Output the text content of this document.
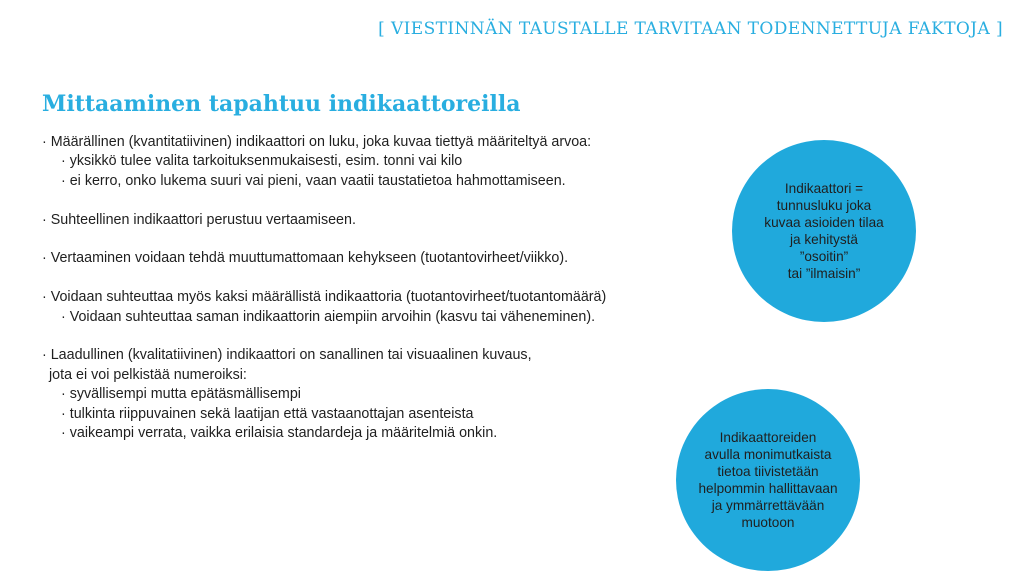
[ VIESTINNÄN TAUSTALLE TARVITAAN TODENNETTUJA FAKTOJA ]
Mittaaminen tapahtuu indikaattoreilla
· Määrällinen (kvantitatiivinen) indikaattori on luku, joka kuvaa tiettyä määriteltyä arvoa:
· yksikkö tulee valita tarkoituksenmukaisesti, esim. tonni vai kilo
· ei kerro, onko lukema suuri vai pieni, vaan vaatii taustatietoa hahmottamiseen.
· Suhteellinen indikaattori perustuu vertaamiseen.
· Vertaaminen voidaan tehdä muuttumattomaan kehykseen (tuotantovirheet/viikko).
· Voidaan suhteuttaa myös kaksi määrällistä indikaattoria (tuotantovirheet/tuotantomäärä)
· Voidaan suhteuttaa saman indikaattorin aiempiin arvoihin (kasvu tai väheneminen).
· Laadullinen (kvalitatiivinen) indikaattori on sanallinen tai visuaalinen kuvaus,
jota ei voi pelkistää numeroiksi:
· syvällisempi mutta epätäsmällisempi
· tulkinta riippuvainen sekä laatijan että vastaanottajan asenteista
· vaikeampi verrata, vaikka erilaisia standardeja ja määritelmiä onkin.
Indikaattori =
tunnusluku joka
kuvaa asioiden tilaa
ja kehitystä ”osoitin”
tai ”ilmaisin”
Indikaattoreiden
avulla monimutkaista
tietoa tiivistetään
helpommin hallittavaan
ja ymmärrettävään
muotoon
